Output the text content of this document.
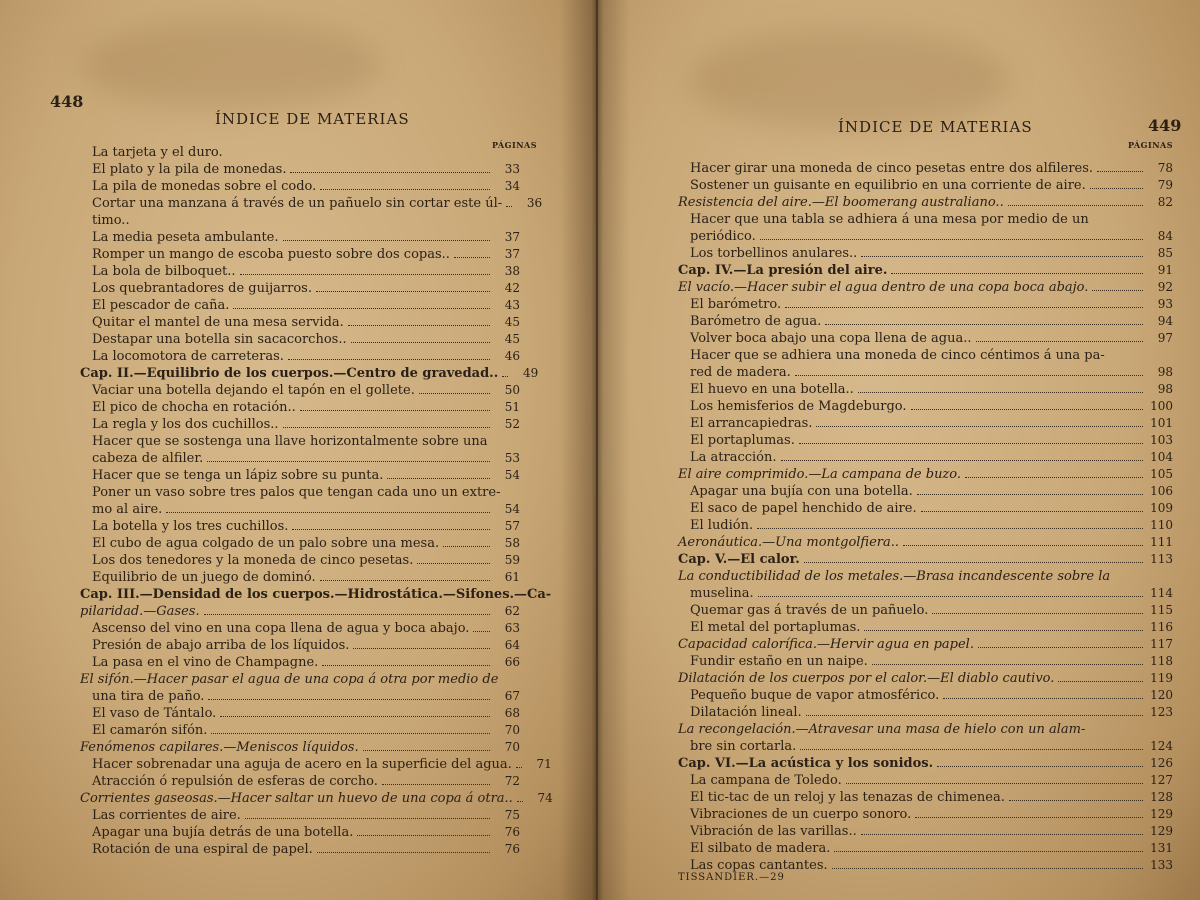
448
ÍNDICE DE MATERIAS
PÁGINAS
La tarjeta y el duro.
El plato y la pila de monedas.	33
La pila de monedas sobre el codo.	34
Cortar una manzana á través de un pañuelo sin cortar este úl-	36
timo..
La media peseta ambulante.	37
Romper un mango de escoba puesto sobre dos copas..	37
La bola de bilboquet..	38
Los quebrantadores de guijarros.	42
El pescador de caña.	43
Quitar el mantel de una mesa servida.	45
Destapar una botella sin sacacorchos..	45
La locomotora de carreteras.	46
Cap. II.—Equilibrio de los cuerpos.—Centro de gravedad..	49
Vaciar una botella dejando el tapón en el gollete.	50
El pico de chocha en rotación..	51
La regla y los dos cuchillos..	52
Hacer que se sostenga una llave horizontalmente sobre una
cabeza de alfiler.	53
Hacer que se tenga un lápiz sobre su punta.	54
Poner un vaso sobre tres palos que tengan cada uno un extre-
mo al aire.	54
La botella y los tres cuchillos.	57
El cubo de agua colgado de un palo sobre una mesa.	58
Los dos tenedores y la moneda de cinco pesetas.	59
Equilibrio de un juego de dominó.	61
Cap. III.—Densidad de los cuerpos.—Hidrostática.—Sifones.—Ca-
pilaridad.—Gases.	62
Ascenso del vino en una copa llena de agua y boca abajo.	63
Presión de abajo arriba de los líquidos.	64
La pasa en el vino de Champagne.	66
El sifón.—Hacer pasar el agua de una copa á otra por medio de
una tira de paño.	67
El vaso de Tántalo.	68
El camarón sifón.	70
Fenómenos capilares.—Meniscos líquidos.	70
Hacer sobrenadar una aguja de acero en la superficie del agua.	71
Atracción ó repulsión de esferas de corcho.	72
Corrientes gaseosas.—Hacer saltar un huevo de una copa á otra..	74
Las corrientes de aire.	75
Apagar una bujía detrás de una botella.	76
Rotación de una espiral de papel.	76
ÍNDICE DE MATERIAS	449
PÁGINAS
Hacer girar una moneda de cinco pesetas entre dos alfileres.	78
Sostener un guisante en equilibrio en una corriente de aire.	79
Resistencia del aire.—El boomerang australiano..	82
Hacer que una tabla se adhiera á una mesa por medio de un
periódico.	84
Los torbellinos anulares..	85
Cap. IV.—La presión del aire.	91
El vacío.—Hacer subir el agua dentro de una copa boca abajo.	92
El barómetro.	93
Barómetro de agua.	94
Volver boca abajo una copa llena de agua..	97
Hacer que se adhiera una moneda de cinco céntimos á una pa-
red de madera.	98
El huevo en una botella..	98
Los hemisferios de Magdeburgo.	100
El arrancapiedras.	101
El portaplumas.	103
La atracción.	104
El aire comprimido.—La campana de buzo.	105
Apagar una bujía con una botella.	106
El saco de papel henchido de aire.	109
El ludión.	110
Aeronáutica.—Una montgolfiera..	111
Cap. V.—El calor.	113
La conductibilidad de los metales.—Brasa incandescente sobre la
muselina.	114
Quemar gas á través de un pañuelo.	115
El metal del portaplumas.	116
Capacidad calorífica.—Hervir agua en papel.	117
Fundir estaño en un naipe.	118
Dilatación de los cuerpos por el calor.—El diablo cautivo.	119
Pequeño buque de vapor atmosférico.	120
Dilatación lineal.	123
La recongelación.—Atravesar una masa de hielo con un alam-
bre sin cortarla.	124
Cap. VI.—La acústica y los sonidos.	126
La campana de Toledo.	127
El tic-tac de un reloj y las tenazas de chimenea.	128
Vibraciones de un cuerpo sonoro.	129
Vibración de las varillas..	129
El silbato de madera.	131
Las copas cantantes.	133
TISSANDIER.—29
